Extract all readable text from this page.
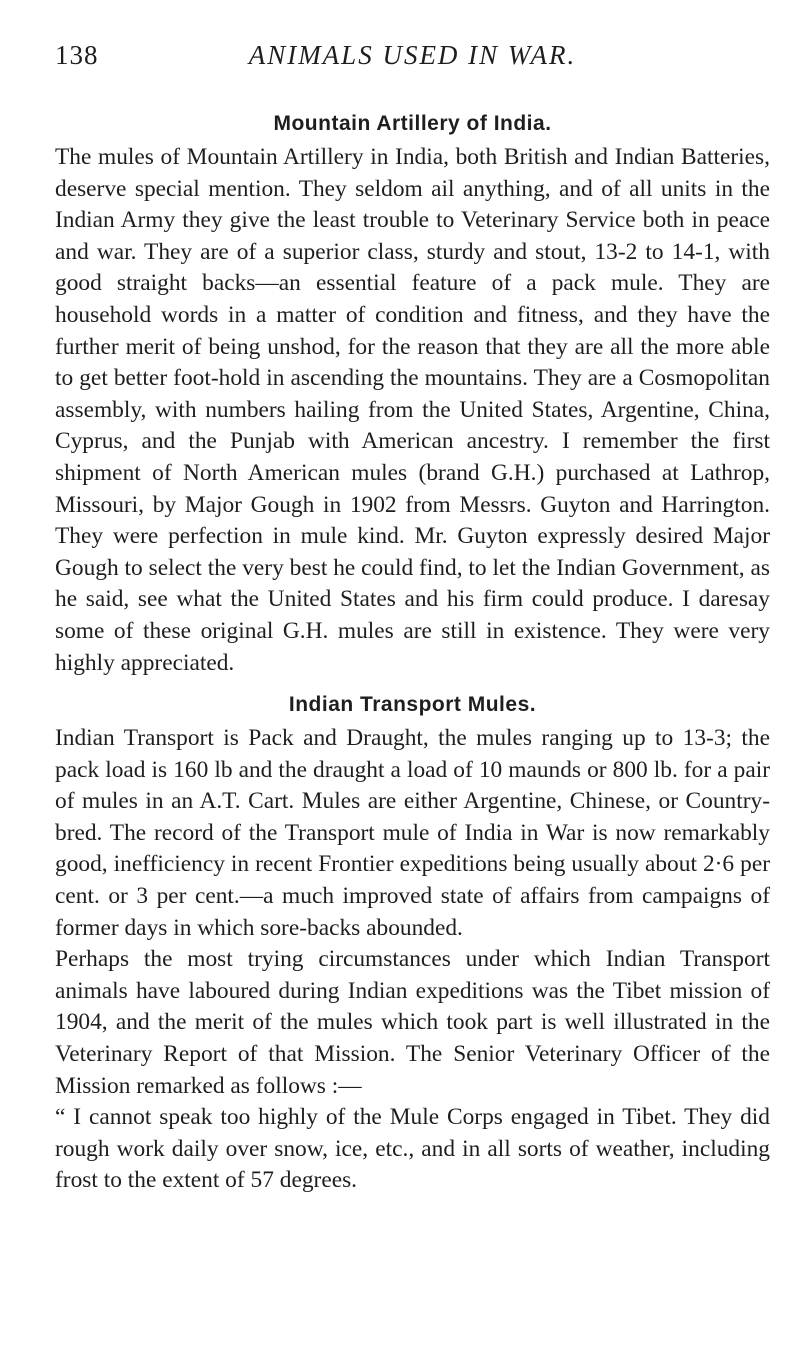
138	ANIMALS USED IN WAR.
Mountain Artillery of India.

The mules of Mountain Artillery in India, both British and Indian Batteries, deserve special mention. They seldom ail anything, and of all units in the Indian Army they give the least trouble to Veterinary Service both in peace and war. They are of a superior class, sturdy and stout, 13-2 to 14-1, with good straight backs—an essential feature of a pack mule. They are household words in a matter of condition and fitness, and they have the further merit of being unshod, for the reason that they are all the more able to get better foot-hold in ascending the mountains. They are a Cosmopolitan assembly, with numbers hailing from the United States, Argentine, China, Cyprus, and the Punjab with American ancestry. I remember the first shipment of North American mules (brand G.H.) purchased at Lathrop, Missouri, by Major Gough in 1902 from Messrs. Guyton and Harrington. They were perfection in mule kind. Mr. Guyton expressly desired Major Gough to select the very best he could find, to let the Indian Government, as he said, see what the United States and his firm could produce. I daresay some of these original G.H. mules are still in existence. They were very highly appreciated.

Indian Transport Mules.

Indian Transport is Pack and Draught, the mules ranging up to 13-3; the pack load is 160 lb and the draught a load of 10 maunds or 800 lb. for a pair of mules in an A.T. Cart. Mules are either Argentine, Chinese, or Country-bred. The record of the Transport mule of India in War is now remarkably good, inefficiency in recent Frontier expeditions being usually about 2·6 per cent. or 3 per cent.—a much improved state of affairs from campaigns of former days in which sore-backs abounded.

Perhaps the most trying circumstances under which Indian Transport animals have laboured during Indian expeditions was the Tibet mission of 1904, and the merit of the mules which took part is well illustrated in the Veterinary Report of that Mission. The Senior Veterinary Officer of the Mission remarked as follows :—

“ I cannot speak too highly of the Mule Corps engaged in Tibet. They did rough work daily over snow, ice, etc., and in all sorts of weather, including frost to the extent of 57 degrees.
